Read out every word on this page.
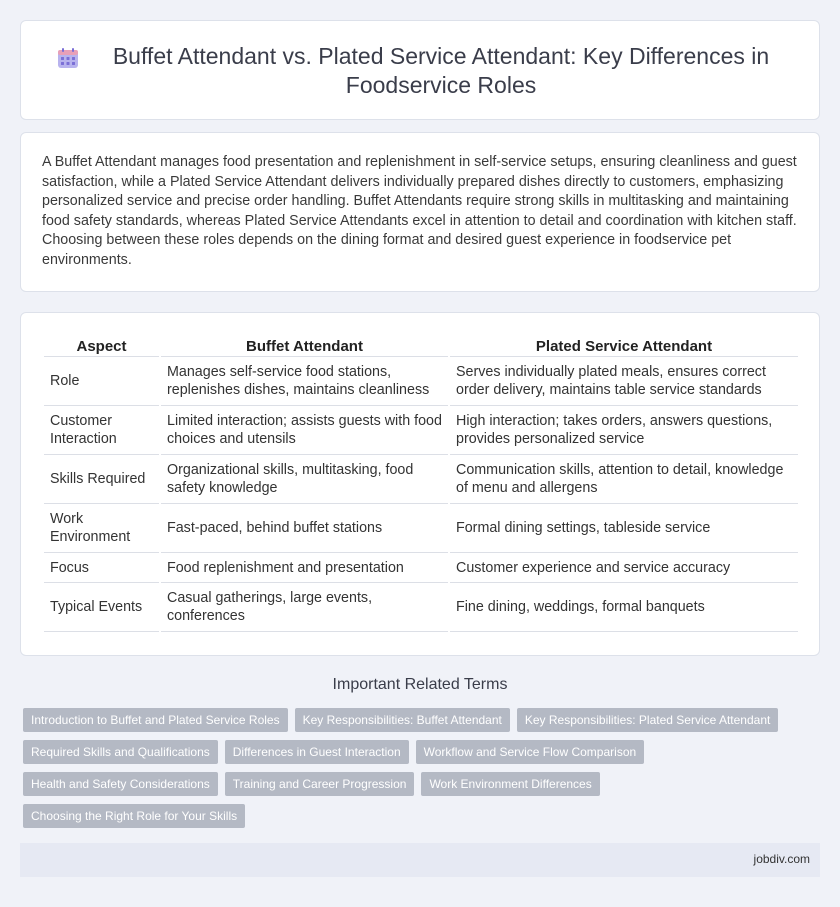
Buffet Attendant vs. Plated Service Attendant: Key Differences in Foodservice Roles

A Buffet Attendant manages food presentation and replenishment in self-service setups, ensuring cleanliness and guest satisfaction, while a Plated Service Attendant delivers individually prepared dishes directly to customers, emphasizing personalized service and precise order handling. Buffet Attendants require strong skills in multitasking and maintaining food safety standards, whereas Plated Service Attendants excel in attention to detail and coordination with kitchen staff. Choosing between these roles depends on the dining format and desired guest experience in foodservice pet environments.

Aspect	Buffet Attendant	Plated Service Attendant
Role	Manages self-service food stations, replenishes dishes, maintains cleanliness	Serves individually plated meals, ensures correct order delivery, maintains table service standards
Customer Interaction	Limited interaction; assists guests with food choices and utensils	High interaction; takes orders, answers questions, provides personalized service
Skills Required	Organizational skills, multitasking, food safety knowledge	Communication skills, attention to detail, knowledge of menu and allergens
Work Environment	Fast-paced, behind buffet stations	Formal dining settings, tableside service
Focus	Food replenishment and presentation	Customer experience and service accuracy
Typical Events	Casual gatherings, large events, conferences	Fine dining, weddings, formal banquets
Important Related Terms
Introduction to Buffet and Plated Service Roles	Key Responsibilities: Buffet Attendant	Key Responsibilities: Plated Service Attendant
Required Skills and Qualifications	Differences in Guest Interaction	Workflow and Service Flow Comparison
Health and Safety Considerations	Training and Career Progression	Work Environment Differences
Choosing the Right Role for Your Skills
jobdiv.com
